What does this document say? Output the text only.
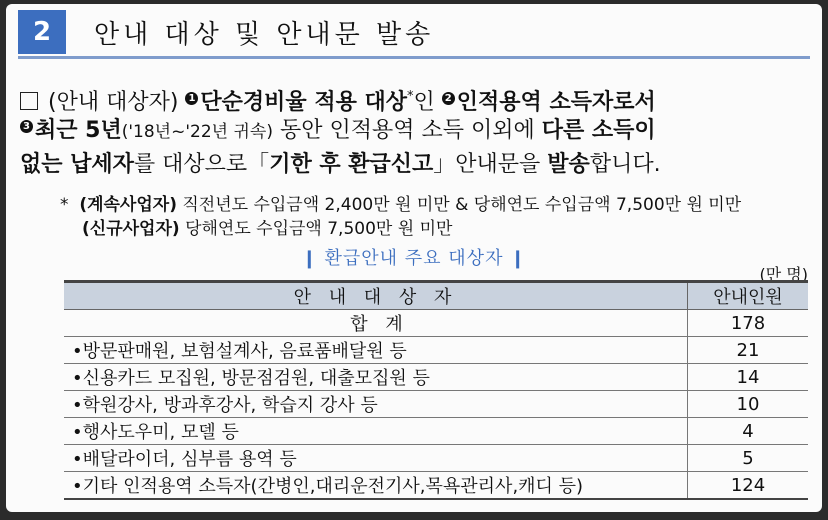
2	안내 대상 및 안내문 발송
(안내 대상자) 1 단순경비율 적용 대상*인 2 인적용역 소득자로서
3 최근 5년('18년~'22년 귀속) 동안 인적용역 소득 이외에 다른 소득이
없는 납세자를 대상으로「기한 후 환급신고」안내문을 발송합니다.
* (계속사업자) 직전년도 수입금액 2,400만 원 미만 & 당해연도 수입금액 7,500만 원 미만
(신규사업자) 당해연도 수입금액 7,500만 원 미만
❙ 환급안내 주요 대상자 ❙
(만 명)
안 내 대 상 자	안내인원
합 계	178
•방문판매원, 보험설계사, 음료품배달원 등	21
•신용카드 모집원, 방문점검원, 대출모집원 등	14
•학원강사, 방과후강사, 학습지 강사 등	10
•행사도우미, 모델 등	4
•배달라이더, 심부름 용역 등	5
•기타 인적용역 소득자(간병인,대리운전기사,목욕관리사,캐디 등)	124
